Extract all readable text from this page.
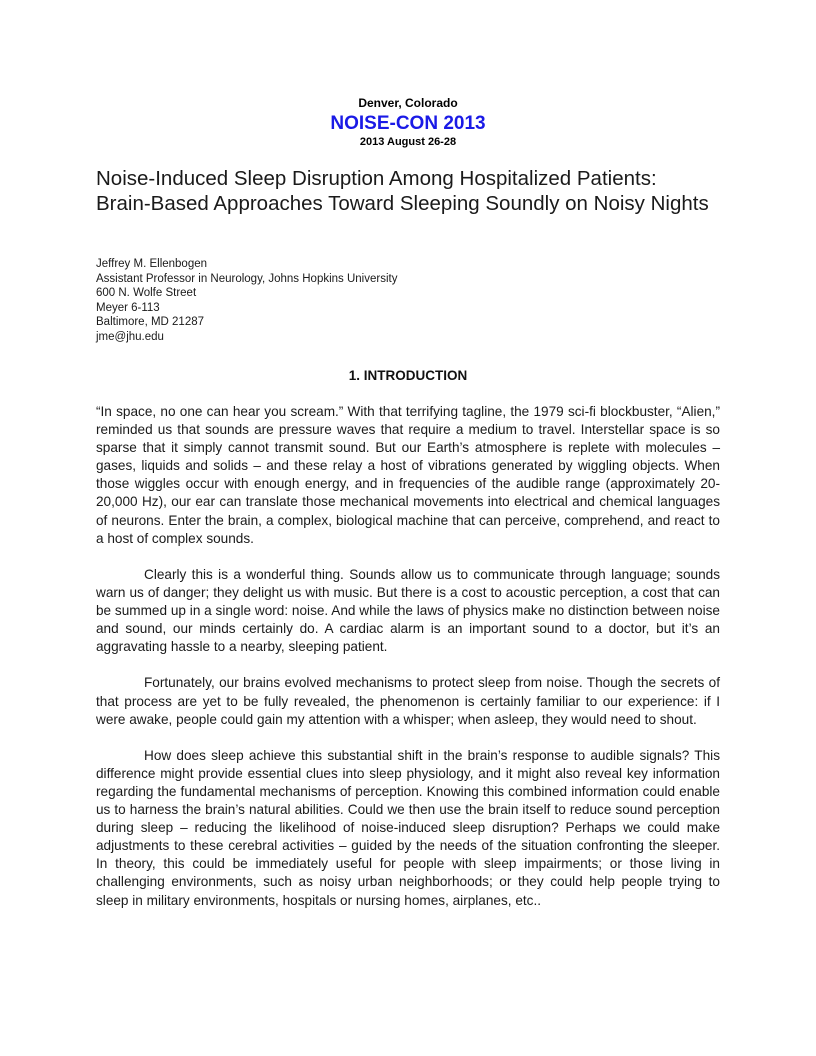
Denver, Colorado
NOISE-CON 2013
2013 August 26-28
Noise-Induced Sleep Disruption Among Hospitalized Patients: Brain-Based Approaches Toward Sleeping Soundly on Noisy Nights
Jeffrey M. Ellenbogen
Assistant Professor in Neurology, Johns Hopkins University
600 N. Wolfe Street
Meyer 6-113
Baltimore, MD 21287
jme@jhu.edu
1. INTRODUCTION

“In space, no one can hear you scream.” With that terrifying tagline, the 1979 sci-fi blockbuster, “Alien,” reminded us that sounds are pressure waves that require a medium to travel. Interstellar space is so sparse that it simply cannot transmit sound. But our Earth’s atmosphere is replete with molecules – gases, liquids and solids – and these relay a host of vibrations generated by wiggling objects. When those wiggles occur with enough energy, and in frequencies of the audible range (approximately 20-20,000 Hz), our ear can translate those mechanical movements into electrical and chemical languages of neurons. Enter the brain, a complex, biological machine that can perceive, comprehend, and react to a host of complex sounds.

Clearly this is a wonderful thing. Sounds allow us to communicate through language; sounds warn us of danger; they delight us with music. But there is a cost to acoustic perception, a cost that can be summed up in a single word: noise. And while the laws of physics make no distinction between noise and sound, our minds certainly do. A cardiac alarm is an important sound to a doctor, but it’s an aggravating hassle to a nearby, sleeping patient.

Fortunately, our brains evolved mechanisms to protect sleep from noise. Though the secrets of that process are yet to be fully revealed, the phenomenon is certainly familiar to our experience: if I were awake, people could gain my attention with a whisper; when asleep, they would need to shout.

How does sleep achieve this substantial shift in the brain’s response to audible signals? This difference might provide essential clues into sleep physiology, and it might also reveal key information regarding the fundamental mechanisms of perception. Knowing this combined information could enable us to harness the brain’s natural abilities. Could we then use the brain itself to reduce sound perception during sleep – reducing the likelihood of noise-induced sleep disruption? Perhaps we could make adjustments to these cerebral activities – guided by the needs of the situation confronting the sleeper. In theory, this could be immediately useful for people with sleep impairments; or those living in challenging environments, such as noisy urban neighborhoods; or they could help people trying to sleep in military environments, hospitals or nursing homes, airplanes, etc..
